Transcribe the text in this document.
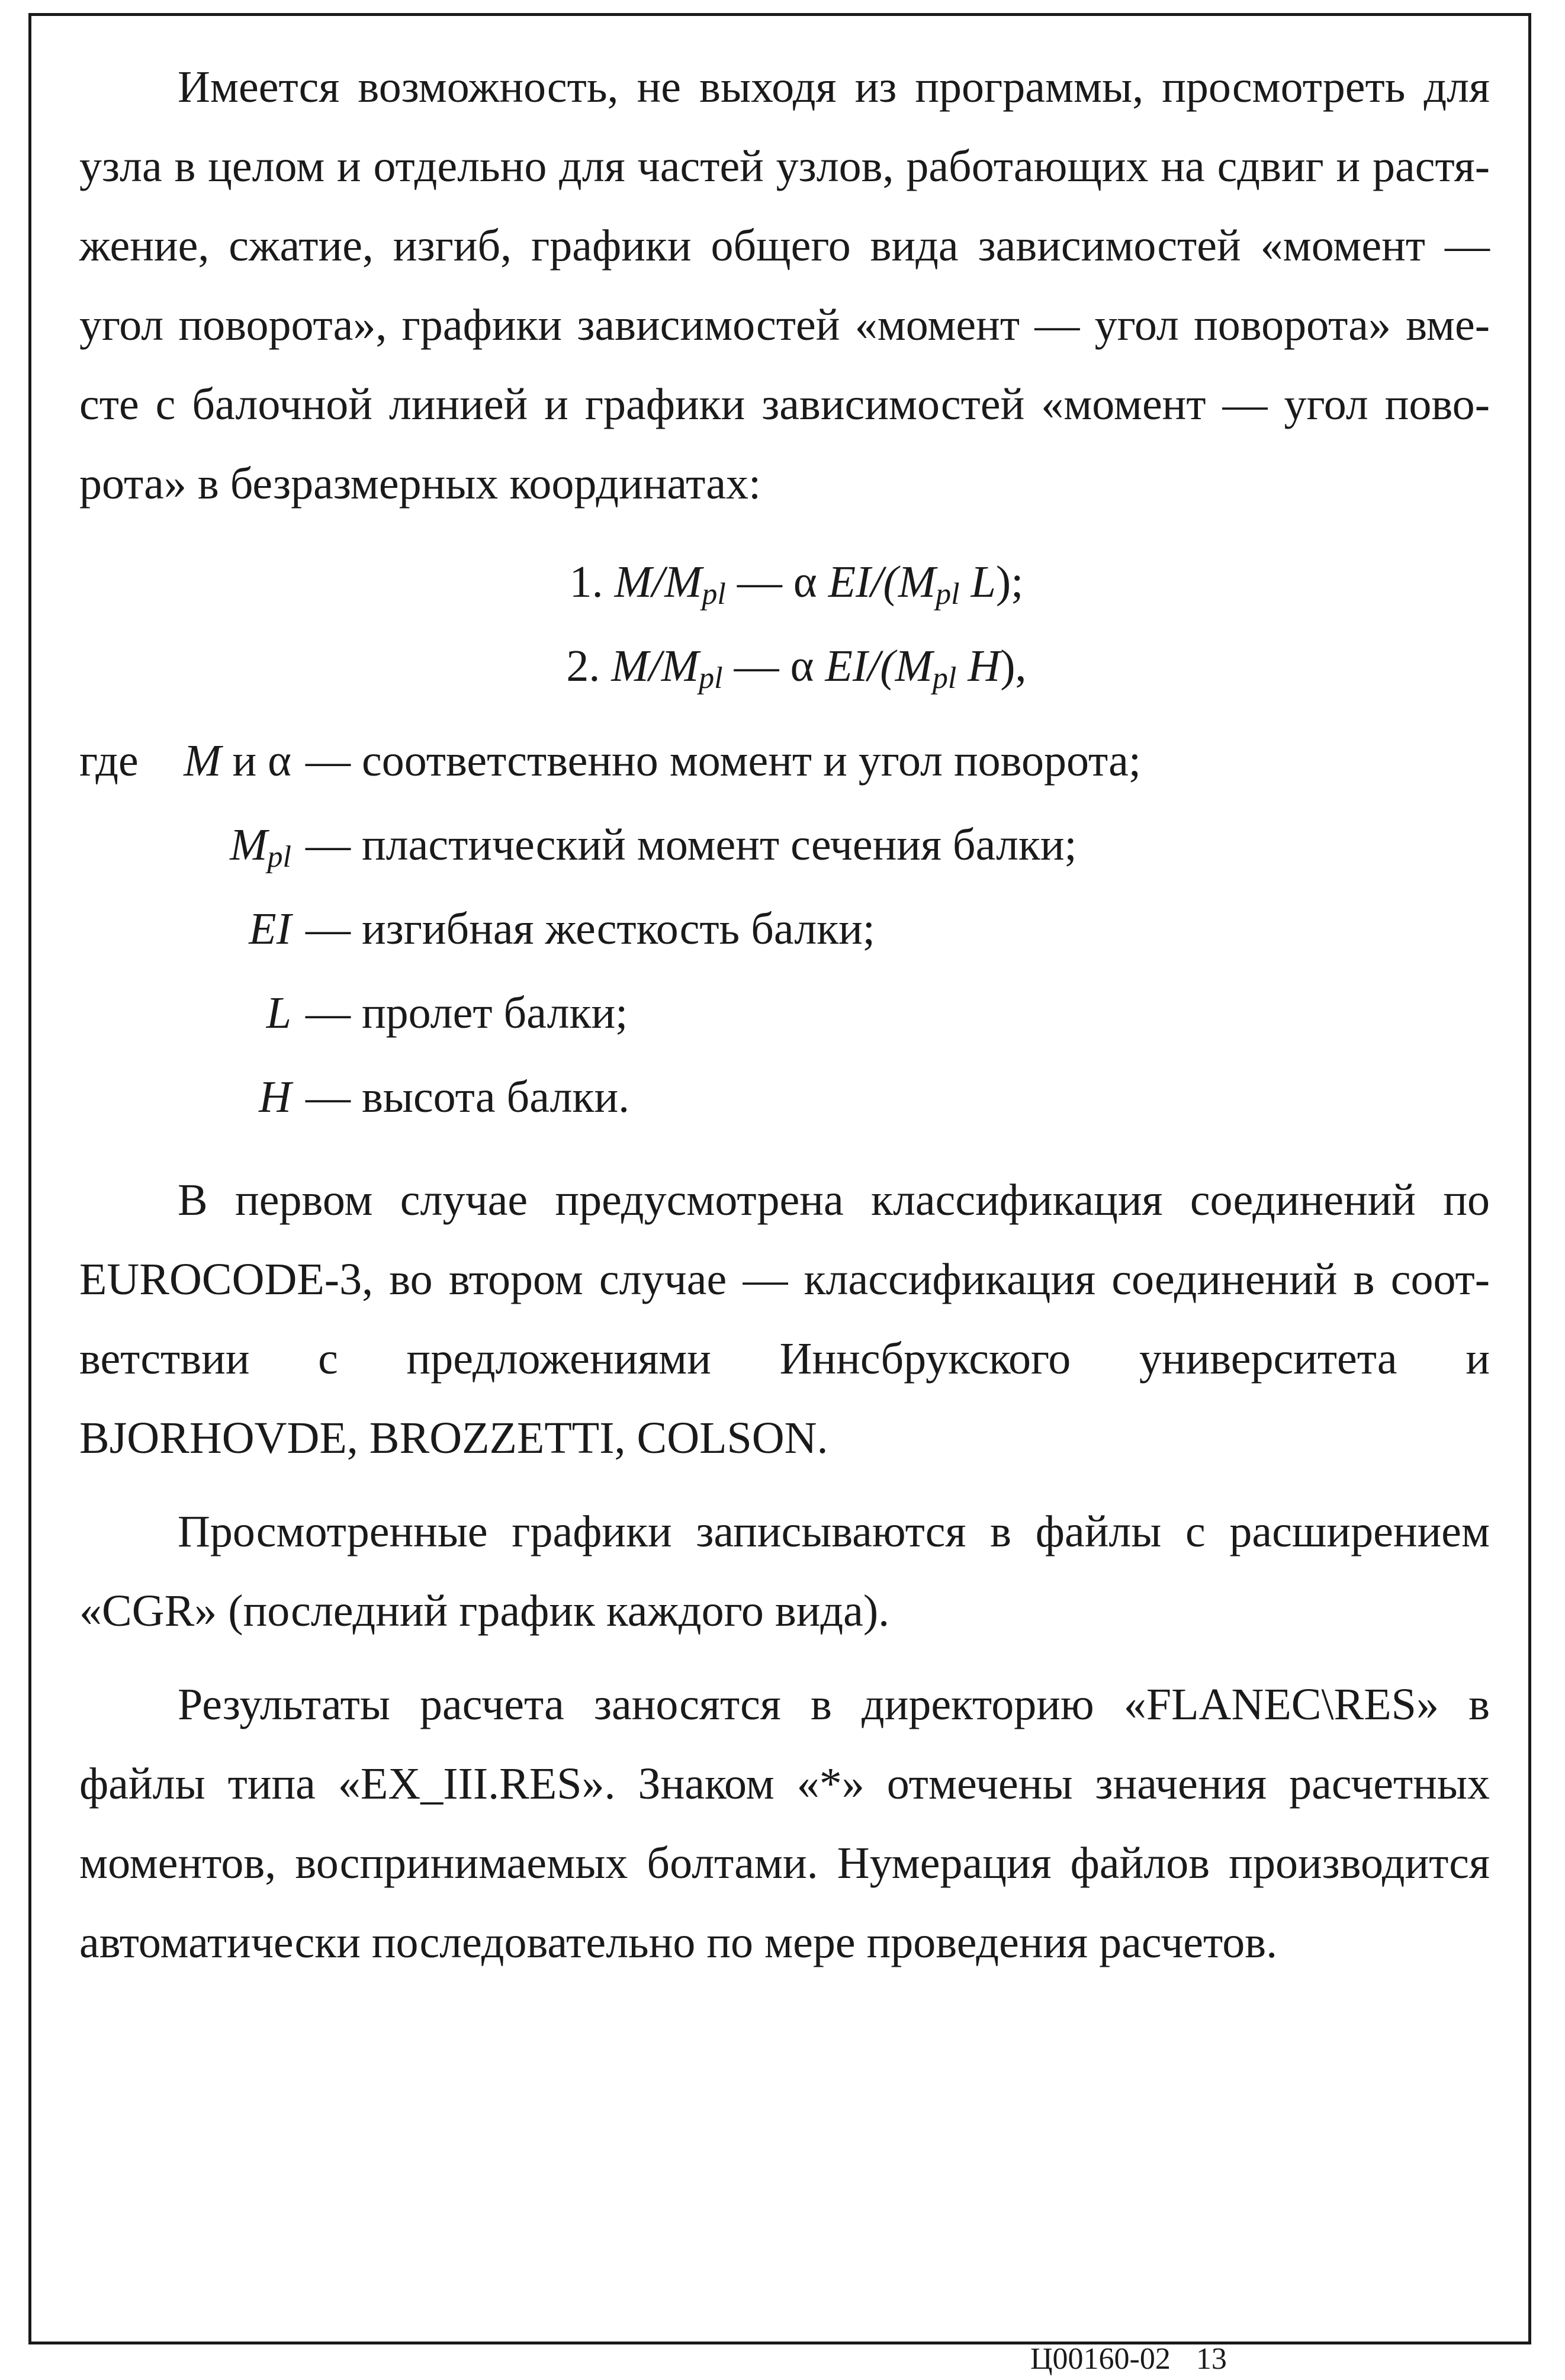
Имеется возможность, не выходя из программы, просмотреть для узла в целом и отдельно для частей узлов, работающих на сдвиг и растяжение, сжатие, изгиб, графики общего вида зависимостей «момент — угол поворота», графики зависимостей «момент — угол поворота» вместе с балочной линией и графики зависимостей «момент — угол поворота» в безразмерных координатах:

1. $M/M_{pl}$ — α $EI/(M_{pl}$ L);
2. $M/M_{pl}$ — α $EI/(M_{pl}$ H),
где	M и α — соответственно момент и угол поворота;
$M_{pl}$ — пластический момент сечения балки;
EI — изгибная жесткость балки;
L — пролет балки;
H — высота балки.

В первом случае предусмотрена классификация соединений по EUROCODE-3, во втором случае — классификация соединений в соответствии с предложениями Иннсбрукского университета и BJORHOVDE, BROZZETTI, COLSON.

Просмотренные графики записываются в файлы с расширением «CGR» (последний график каждого вида).

Результаты расчета заносятся в директорию «FLANEC\RES» в файлы типа «EX_III.RES». Знаком «*» отмечены значения расчетных моментов, воспринимаемых болтами. Нумерация файлов производится автоматически последовательно по мере проведения расчетов.

Ц00160-02 13
